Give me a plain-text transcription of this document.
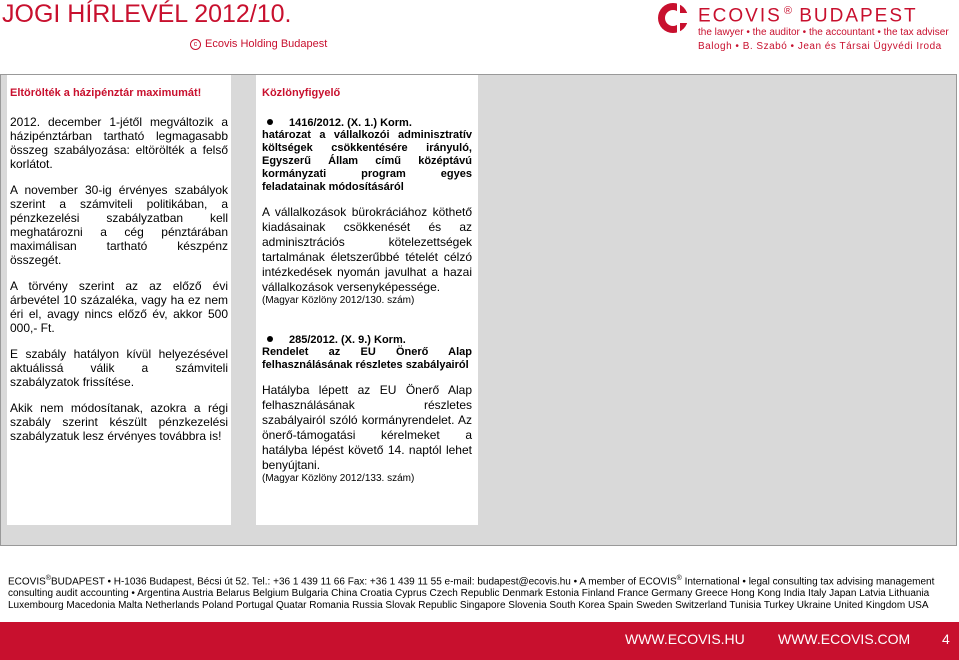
JOGI HÍRLEVÉL 2012/10.
c Ecovis Holding Budapest
ECOVIS ® BUDAPEST
the lawyer • the auditor • the accountant • the tax adviser
Balogh • B. Szabó • Jean és Társai Ügyvédi Iroda
Eltörölték a házipénztár maximumát!

2012. december 1-jétől megváltozik a házipénztárban tartható legmagasabb összeg szabályozása: eltörölték a felső korlátot.

A november 30-ig érvényes szabályok szerint a számviteli politikában, a pénzkezelési szabályzatban kell meghatározni a cég pénztárában maximálisan tartható készpénz összegét.

A törvény szerint az az előző évi árbevétel 10 százaléka, vagy ha ez nem éri el, avagy nincs előző év, akkor 500 000,- Ft.

E szabály hatályon kívül helyezésével aktuálissá válik a számviteli szabályzatok frissítése.

Akik nem módosítanak, azokra a régi szabály szerint készült pénzkezelési szabályzatuk lesz érvényes továbbra is!

Közlönyfigyelő
1416/2012. (X. 1.) Korm.

határozat a vállalkozói adminisztratív költségek csökkentésére irányuló, Egyszerű Állam című középtávú kormányzati program egyes feladatainak módosításáról

A vállalkozások bürokráciához köthető kiadásainak csökkenését és az adminisztrációs kötelezettségek tartalmának életszerűbbé tételét célzó intézkedések nyomán javulhat a hazai vállalkozások versenyképessége.

(Magyar Közlöny 2012/130. szám)
285/2012. (X. 9.) Korm.

Rendelet az EU Önerő Alap felhasználásának részletes szabályairól

Hatályba lépett az EU Önerő Alap felhasználásának részletes szabályairól szóló kormányrendelet. Az önerő-támogatási kérelmeket a hatályba lépést követő 14. naptól lehet benyújtani.

(Magyar Közlöny 2012/133. szám)

ECOVIS®BUDAPEST • H-1036 Budapest, Bécsi út 52. Tel.: +36 1 439 11 66 Fax: +36 1 439 11 55 e-mail: budapest@ecovis.hu • A member of ECOVIS® International • legal consulting tax advising management

consulting audit accounting • Argentina Austria Belarus Belgium Bulgaria China Croatia Cyprus Czech Republic Denmark Estonia Finland France Germany Greece Hong Kong India Italy Japan Latvia Lithuania

Luxembourg Macedonia Malta Netherlands Poland Portugal Quatar Romania Russia Slovak Republic Singapore Slovenia South Korea Spain Sweden Switzerland Tunisia Turkey Ukraine United Kingdom USA

WWW.ECOVIS.HU WWW.ECOVIS.COM 4
